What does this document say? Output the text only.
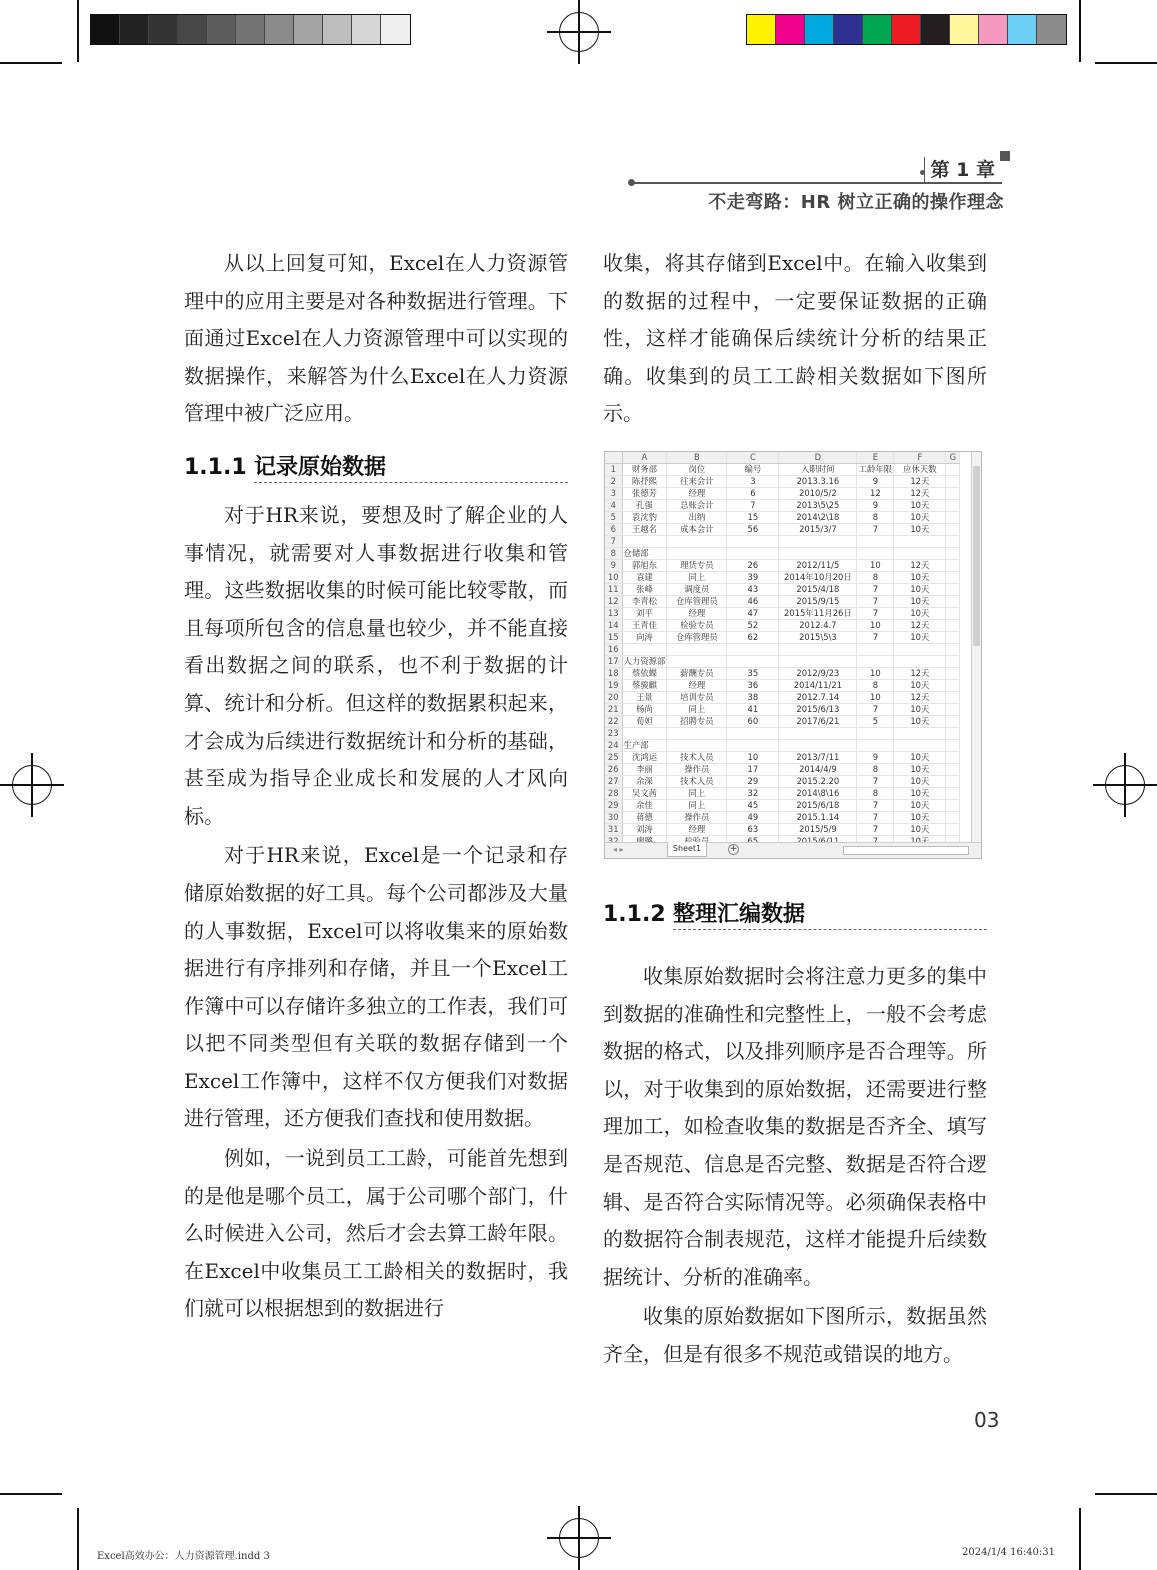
第 1 章
不走弯路：HR 树立正确的操作理念

从以上回复可知，Excel在人力资源管理中的应用主要是对各种数据进行管理。下面通过Excel在人力资源管理中可以实现的数据操作，来解答为什么Excel在人力资源管理中被广泛应用。

1.1.1 记录原始数据

对于HR来说，要想及时了解企业的人事情况，就需要对人事数据进行收集和管理。这些数据收集的时候可能比较零散，而且每项所包含的信息量也较少，并不能直接看出数据之间的联系，也不利于数据的计算、统计和分析。但这样的数据累积起来，才会成为后续进行数据统计和分析的基础，甚至成为指导企业成长和发展的人才风向标。

对于HR来说，Excel是一个记录和存储原始数据的好工具。每个公司都涉及大量的人事数据，Excel可以将收集来的原始数据进行有序排列和存储，并且一个Excel工作簿中可以存储许多独立的工作表，我们可以把不同类型但有关联的数据存储到一个Excel工作簿中，这样不仅方便我们对数据进行管理，还方便我们查找和使用数据。

例如，一说到员工工龄，可能首先想到的是他是哪个员工，属于公司哪个部门，什么时候进入公司，然后才会去算工龄年限。在Excel中收集员工工龄相关的数据时，我们就可以根据想到的数据进行

收集，将其存储到Excel中。在输入收集到的数据的过程中，一定要保证数据的正确性，这样才能确保后续统计分析的结果正确。收集到的员工工龄相关数据如下图所示。

	A	B	C	D	E	F	G
1	财务部	岗位	编号	入职时间	工龄年限	应休天数	
2	陈抒熙	往来会计	3	2013.3.16	9	12天	
3	张德芳	经理	6	2010/5/2	12	12天	
4	孔强	总账会计	7	2013\5\25	9	10天	
5	袁沈豹	出纳	15	2014\2\18	8	10天	
6	王越名	成本会计	56	2015/3/7	7	10天	
7							
8	仓储部						
9	郭旭东	理货专员	26	2012/11/5	10	12天	
10	袁建	同上	39	2014年10月20日	8	10天	
11	张峰	调度员	43	2015/4/18	7	10天	
12	李青松	仓库管理员	46	2015/9/15	7	10天	
13	刘平	经理	47	2015年11月26日	7	10天	
14	王青佳	检验专员	52	2012.4.7	10	12天	
15	向涛	仓库管理员	62	2015\5\3	7	10天	
16							
17	人力资源部						
18	蔡依蝶	薪酬专员	35	2012/9/23	10	12天	
19	蔡骏麒	经理	36	2014/11/21	8	10天	
20	王景	培训专员	38	2012.7.14	10	12天	
21	杨尚	同上	41	2015/6/13	7	10天	
22	荀妲	招聘专员	60	2017/6/21	5	10天	
23							
24	生产部						
25	沈鸿运	技术人员	10	2013/7/11	9	10天	
26	李丽	操作员	17	2014/4/9	8	10天	
27	余深	技术人员	29	2015.2.20	7	10天	
28	吴文茜	同上	32	2014\8\16	8	10天	
29	余佳	同上	45	2015/6/18	7	10天	
30	蒋德	操作员	49	2015.1.14	7	10天	
31	刘涛	经理	63	2015/5/9	7	10天	

◂ ▸	Sheet1	+
1.1.2 整理汇编数据

收集原始数据时会将注意力更多的集中到数据的准确性和完整性上，一般不会考虑数据的格式，以及排列顺序是否合理等。所以，对于收集到的原始数据，还需要进行整理加工，如检查收集的数据是否齐全、填写是否规范、信息是否完整、数据是否符合逻辑、是否符合实际情况等。必须确保表格中的数据符合制表规范，这样才能提升后续数据统计、分析的准确率。

收集的原始数据如下图所示，数据虽然齐全，但是有很多不规范或错误的地方。

03
Excel高效办公：人力资源管理.indd 3	2024/1/4 16:40:31
